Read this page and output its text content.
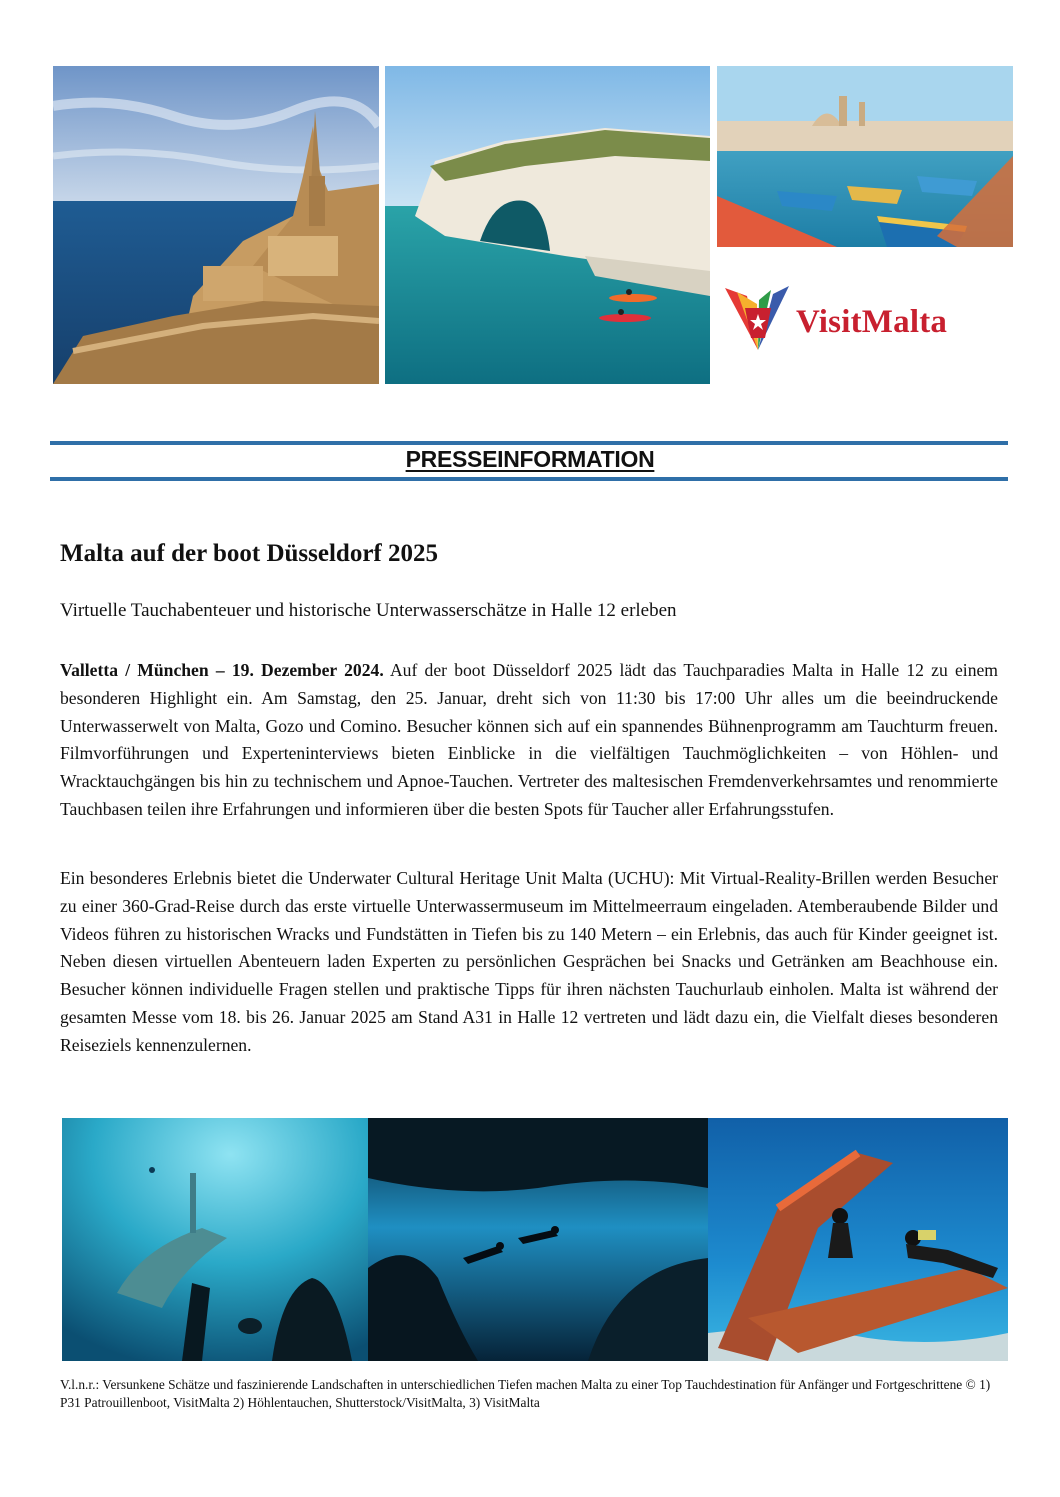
VisitMalta
PRESSEINFORMATION
Malta auf der boot Düsseldorf 2025
Virtuelle Tauchabenteuer und historische Unterwasserschätze in Halle 12 erleben

Valletta / München – 19. Dezember 2024. Auf der boot Düsseldorf 2025 lädt das Tauchparadies Malta in Halle 12 zu einem besonderen Highlight ein. Am Samstag, den 25. Januar, dreht sich von 11:30 bis 17:00 Uhr alles um die beeindruckende Unterwasserwelt von Malta, Gozo und Comino. Besucher können sich auf ein spannendes Bühnenprogramm am Tauchturm freuen. Filmvorführungen und Experteninterviews bieten Einblicke in die vielfältigen Tauchmöglichkeiten – von Höhlen- und Wracktauchgängen bis hin zu technischem und Apnoe-Tauchen. Vertreter des maltesischen Fremdenverkehrsamtes und renommierte Tauchbasen teilen ihre Erfahrungen und informieren über die besten Spots für Taucher aller Erfahrungsstufen.

Ein besonderes Erlebnis bietet die Underwater Cultural Heritage Unit Malta (UCHU): Mit Virtual-Reality-Brillen werden Besucher zu einer 360-Grad-Reise durch das erste virtuelle Unterwassermuseum im Mittelmeerraum eingeladen. Atemberaubende Bilder und Videos führen zu historischen Wracks und Fundstätten in Tiefen bis zu 140 Metern – ein Erlebnis, das auch für Kinder geeignet ist. Neben diesen virtuellen Abenteuern laden Experten zu persönlichen Gesprächen bei Snacks und Getränken am Beachhouse ein. Besucher können individuelle Fragen stellen und praktische Tipps für ihren nächsten Tauchurlaub einholen. Malta ist während der gesamten Messe vom 18. bis 26. Januar 2025 am Stand A31 in Halle 12 vertreten und lädt dazu ein, die Vielfalt dieses besonderen Reiseziels kennenzulernen.

V.l.n.r.: Versunkene Schätze und faszinierende Landschaften in unterschiedlichen Tiefen machen Malta zu einer Top Tauchdestination für Anfänger und Fortgeschrittene © 1) P31 Patrouillenboot, VisitMalta 2) Höhlentauchen, Shutterstock/VisitMalta, 3) VisitMalta
